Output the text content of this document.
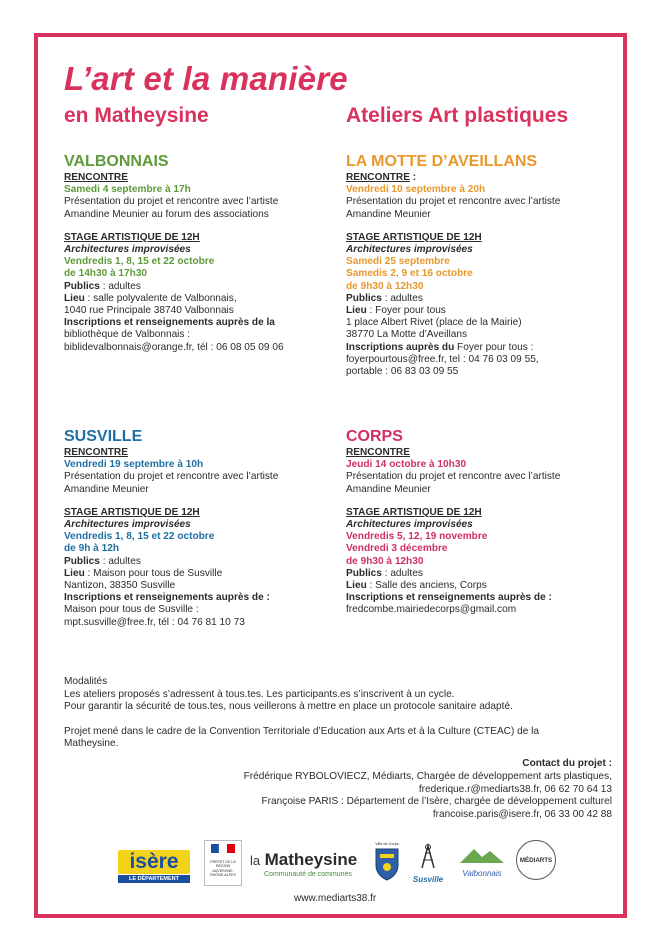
L’art et la manière
en Matheysine	Ateliers Art plastiques
VALBONNAIS
RENCONTRE
Samedi 4 septembre à 17h
Présentation du projet et rencontre avec l’artiste
Amandine Meunier au forum des associations
STAGE ARTISTIQUE DE 12H
Architectures improvisées
Vendredis 1, 8, 15 et 22 octobre
de 14h30 à 17h30
Publics : adultes
Lieu : salle polyvalente de Valbonnais,
1040 rue Principale 38740 Valbonnais
Inscriptions et renseignements auprès de la
bibliothèque de Valbonnais :
biblidevalbonnais@orange.fr, tél : 06 08 05 09 06
LA MOTTE D’AVEILLANS
RENCONTRE :
Vendredi 10 septembre à 20h
Présentation du projet et rencontre avec l’artiste
Amandine Meunier
STAGE ARTISTIQUE DE 12H
Architectures improvisées
Samedi 25 septembre
Samedis 2, 9 et 16 octobre
de 9h30 à 12h30
Publics : adultes
Lieu : Foyer pour tous
1 place Albert Rivet (place de la Mairie)
38770 La Motte d’Aveillans
Inscriptions auprès du Foyer pour tous :
foyerpourtous@free.fr, tel : 04 76 03 09 55,
portable : 06 83 03 09 55
SUSVILLE
RENCONTRE
Vendredi 19 septembre à 10h
Présentation du projet et rencontre avec l’artiste
Amandine Meunier
STAGE ARTISTIQUE DE 12H
Architectures improvisées
Vendredis 1, 8, 15 et 22 octobre
de 9h à 12h
Publics : adultes
Lieu : Maison pour tous de Susville
Nantizon, 38350 Susville
Inscriptions et renseignements auprès de :
Maison pour tous de Susville :
mpt.susville@free.fr, tél : 04 76 81 10 73
CORPS
RENCONTRE
Jeudi 14 octobre à 10h30
Présentation du projet et rencontre avec l’artiste
Amandine Meunier
STAGE ARTISTIQUE DE 12H
Architectures improvisées
Vendredis 5, 12, 19 novembre
Vendredi 3 décembre
de 9h30 à 12h30
Publics : adultes
Lieu : Salle des anciens, Corps
Inscriptions et renseignements auprès de :
fredcombe.mairiedecorps@gmail.com
Modalités
Les ateliers proposés s’adressent à tous.tes. Les participants.es s’inscrivent à un cycle.
Pour garantir la sécurité de tous.tes, nous veillerons à mettre en place un protocole sanitaire adapté.
Projet mené dans le cadre de la Convention Territoriale d’Education aux Arts et à la Culture (CTEAC) de la
Matheysine.
Contact du projet :
Frédérique RYBOLOVIECZ, Médiarts, Chargée de développement arts plastiques,
frederique.r@mediarts38.fr, 06 62 70 64 13
Françoise PARIS : Département de l’Isère, chargée de développement culturel
francoise.paris@isere.fr, 06 33 00 42 88
isère
LE DÉPARTEMENT
PRÉFET DE LA RÉGION AUVERGNE-RHÔNE-ALPES
la Matheysine
Communauté de communes
Ville de Corps
Susville
Valbonnais
MÉDIARTS
www.mediarts38.fr
